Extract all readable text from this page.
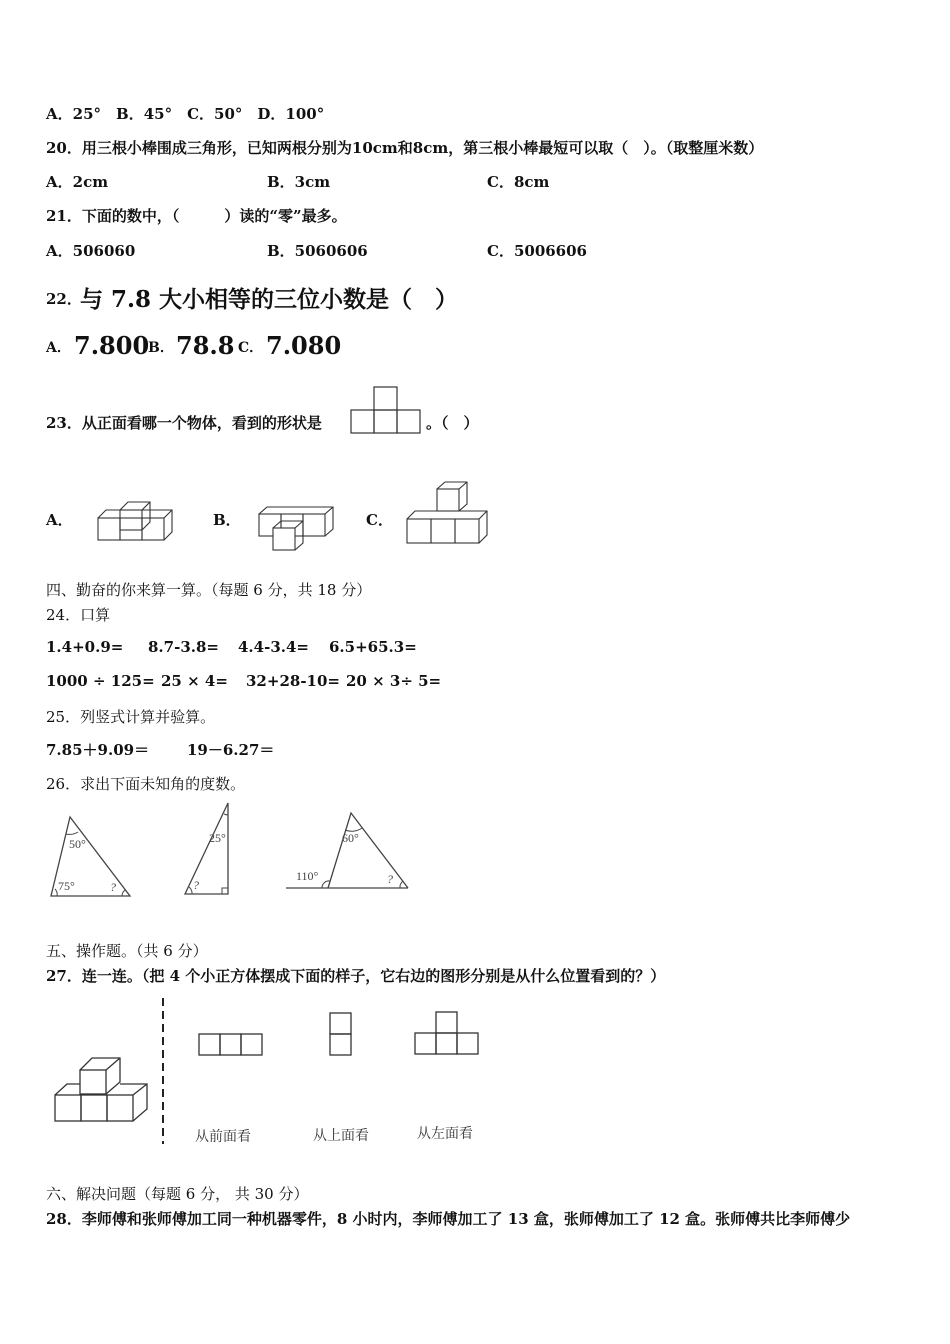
A．25°　B．45°　C．50°　D．100°
20．用三根小棒围成三角形，已知两根分别为10cm和8cm，第三根小棒最短可以取（　）。（取整厘米数）
A．2cm	B．3cm	C．8cm
21．下面的数中，（　　　）读的“零”最多。
A．506060	B．5060606	C．5006606
22．
与 7.8 大小相等的三位小数是（　）
A． 7.800
B． 78.8 C． 7.080
23．从正面看哪一个物体，看到的形状是	。（　）
A．	B．	C．
四、勤奋的你来算一算。（每题 6 分，共 18 分）
24．口算
1.4+0.9= 8.7-3.8= 4.4-3.4= 6.5+65.3=
1000 ÷ 125= 25 × 4= 32+28-10= 20 × 3÷ 5=
25．列竖式计算并验算。
7.85＋9.09＝	19－6.27＝
26．求出下面未知角的度数。
50°
75°	?
25°
?
60°
110°	?
五、操作题。（共 6 分）
27．连一连。（把 4 个小正方体摆成下面的样子，它右边的图形分别是从什么位置看到的？）
从前面看	从上面看	从左面看
六、解决问题（每题 6 分， 共 30 分）
28．李师傅和张师傅加工同一种机器零件，8 小时内，李师傅加工了 13 盒，张师傅加工了 12 盒。张师傅共比李师傅少
